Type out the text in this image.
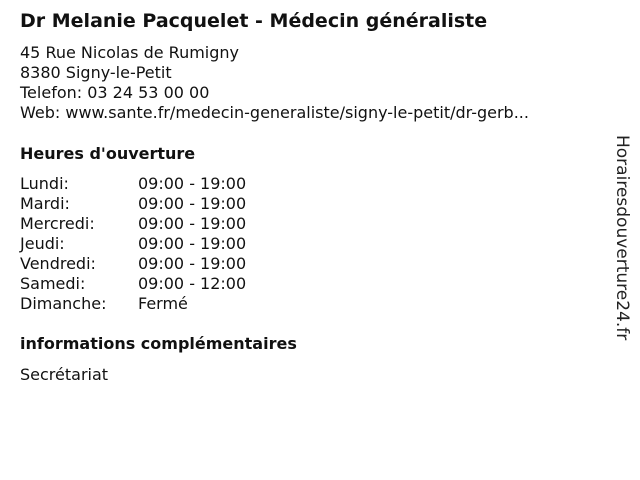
Dr Melanie Pacquelet - Médecin généraliste
45 Rue Nicolas de Rumigny
8380 Signy-le-Petit
Telefon: 03 24 53 00 00
Web: www.sante.fr/medecin-generaliste/signy-le-petit/dr-gerb...
Heures d'ouverture
Lundi:	09:00 - 19:00
Mardi:	09:00 - 19:00
Mercredi:	09:00 - 19:00
Jeudi:	09:00 - 19:00
Vendredi:	09:00 - 19:00
Samedi:	09:00 - 12:00
Dimanche:	Fermé
informations complémentaires
Secrétariat
Horairesdouverture24.fr
